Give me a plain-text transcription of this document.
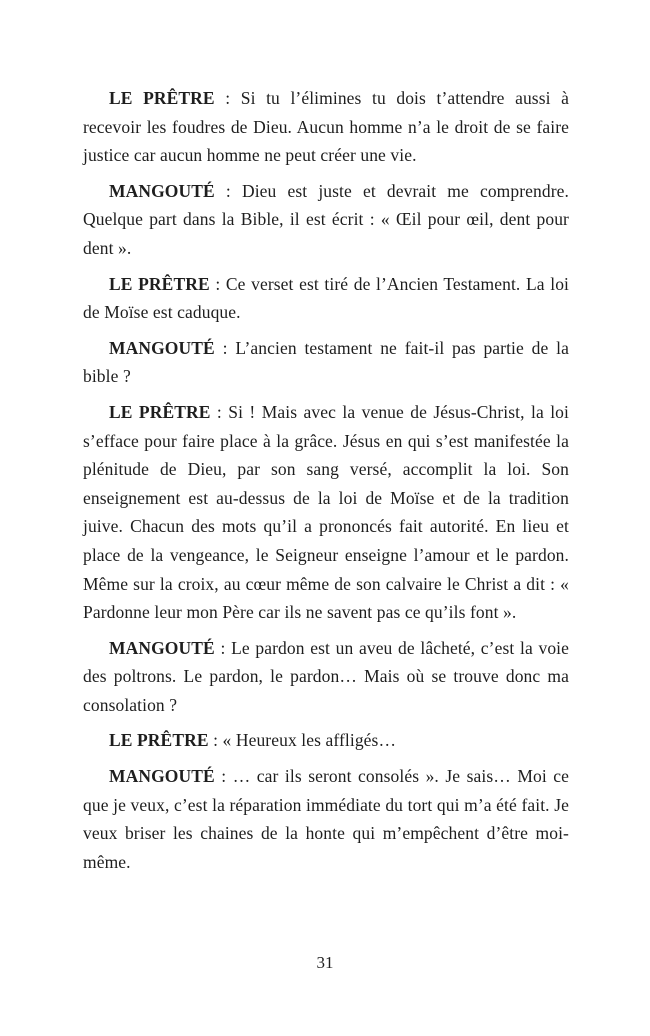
LE PRÊTRE : Si tu l’élimines tu dois t’attendre aussi à recevoir les foudres de Dieu. Aucun homme n’a le droit de se faire justice car aucun homme ne peut créer une vie.

MANGOUTÉ : Dieu est juste et devrait me comprendre. Quelque part dans la Bible, il est écrit : « Œil pour œil, dent pour dent ».

LE PRÊTRE : Ce verset est tiré de l’Ancien Testament. La loi de Moïse est caduque.

MANGOUTÉ : L’ancien testament ne fait-il pas partie de la bible ?

LE PRÊTRE : Si ! Mais avec la venue de Jésus-Christ, la loi s’efface pour faire place à la grâce. Jésus en qui s’est manifestée la plénitude de Dieu, par son sang versé, accomplit la loi. Son enseignement est au-dessus de la loi de Moïse et de la tradition juive. Chacun des mots qu’il a prononcés fait autorité. En lieu et place de la vengeance, le Seigneur enseigne l’amour et le pardon. Même sur la croix, au cœur même de son calvaire le Christ a dit : « Pardonne leur mon Père car ils ne savent pas ce qu’ils font ».

MANGOUTÉ : Le pardon est un aveu de lâcheté, c’est la voie des poltrons. Le pardon, le pardon… Mais où se trouve donc ma consolation ?

LE PRÊTRE : « Heureux les affligés…

MANGOUTÉ : … car ils seront consolés ». Je sais… Moi ce que je veux, c’est la réparation immédiate du tort qui m’a été fait. Je veux briser les chaines de la honte qui m’empêchent d’être moi-même.

31
